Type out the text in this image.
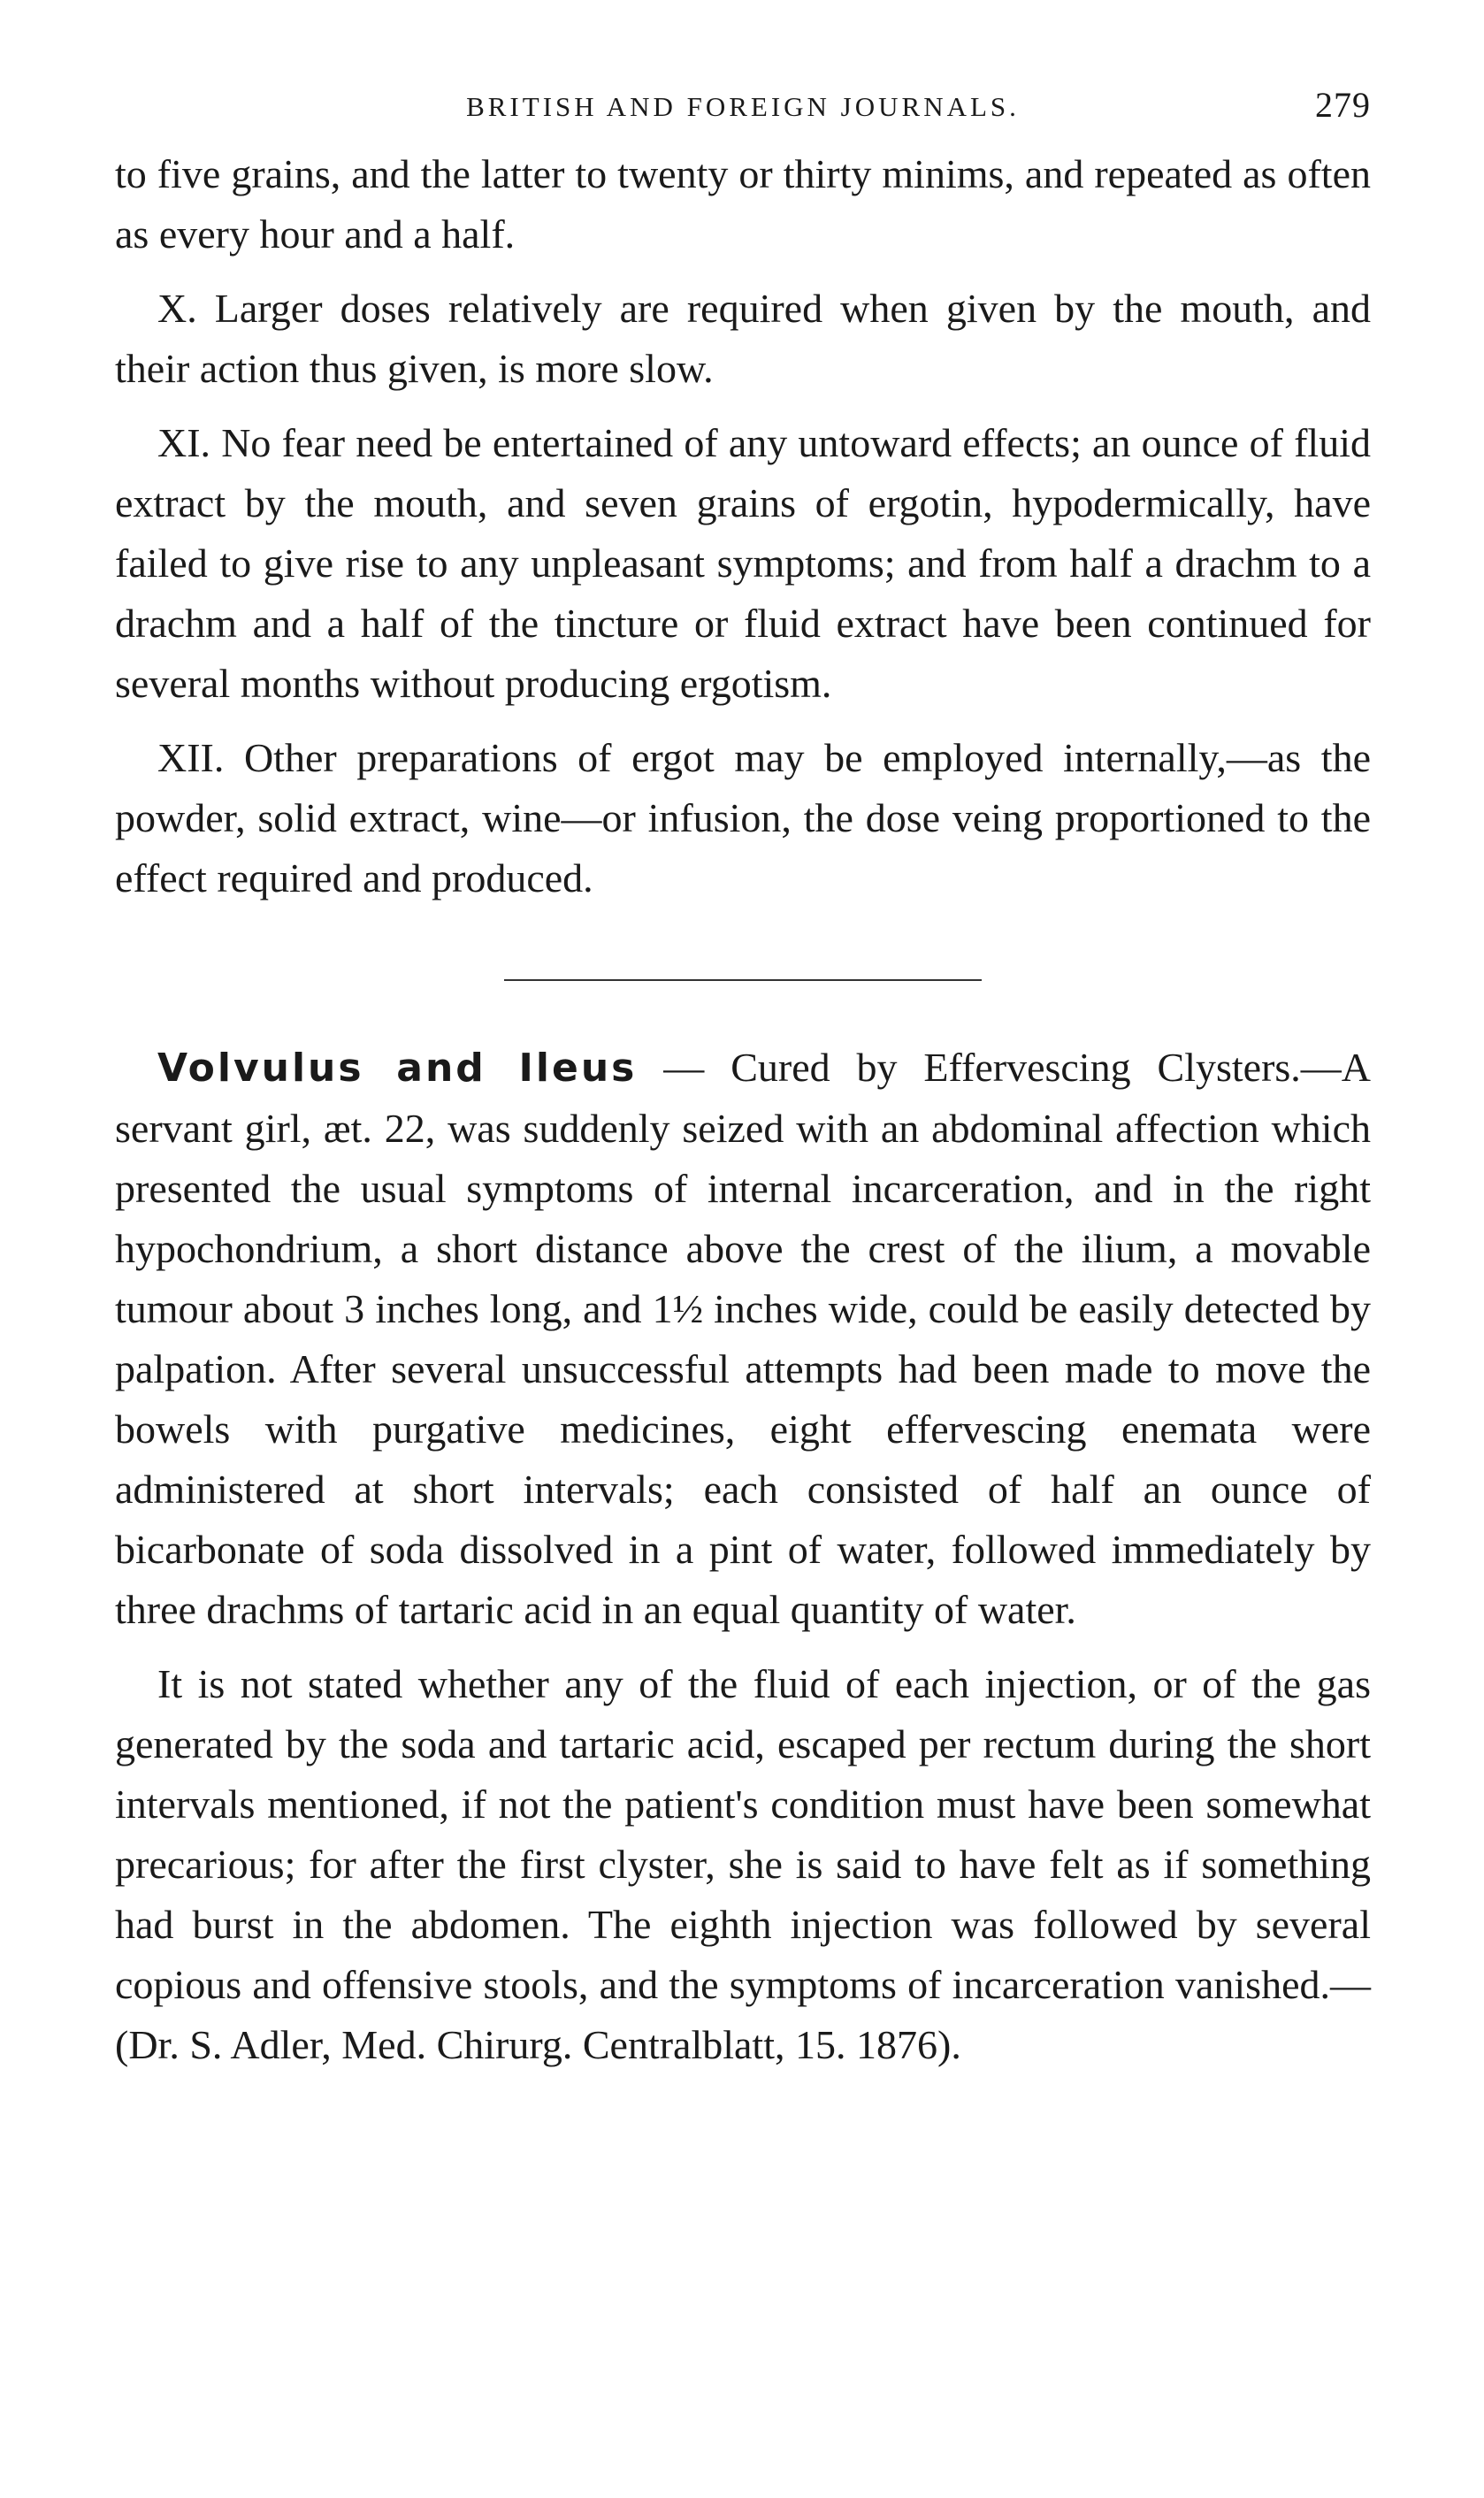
BRITISH AND FOREIGN JOURNALS.	279

to five grains, and the latter to twenty or thirty minims, and repeated as often as every hour and a half.

X. Larger doses relatively are required when given by the mouth, and their action thus given, is more slow.

XI. No fear need be entertained of any untoward effects; an ounce of fluid extract by the mouth, and seven grains of ergotin, hypodermically, have failed to give rise to any unpleasant symptoms; and from half a drachm to a drachm and a half of the tincture or fluid extract have been continued for several months without producing ergotism.

XII. Other preparations of ergot may be employed internally,—as the powder, solid extract, wine—or infusion, the dose veing proportioned to the effect required and produced.

Volvulus and Ileus — Cured by Effervescing Clysters.—A servant girl, æt. 22, was suddenly seized with an abdominal affection which presented the usual symptoms of internal incarceration, and in the right hypochondrium, a short distance above the crest of the ilium, a movable tumour about 3 inches long, and 1½ inches wide, could be easily detected by palpation. After several unsuccessful attempts had been made to move the bowels with purgative medicines, eight effervescing enemata were administered at short intervals; each consisted of half an ounce of bicarbonate of soda dissolved in a pint of water, followed immediately by three drachms of tartaric acid in an equal quantity of water.

It is not stated whether any of the fluid of each injection, or of the gas generated by the soda and tartaric acid, escaped per rectum during the short intervals mentioned, if not the patient's condition must have been somewhat precarious; for after the first clyster, she is said to have felt as if something had burst in the abdomen. The eighth injection was followed by several copious and offensive stools, and the symptoms of incarceration vanished.—(Dr. S. Adler, Med. Chirurg. Centralblatt, 15. 1876).
